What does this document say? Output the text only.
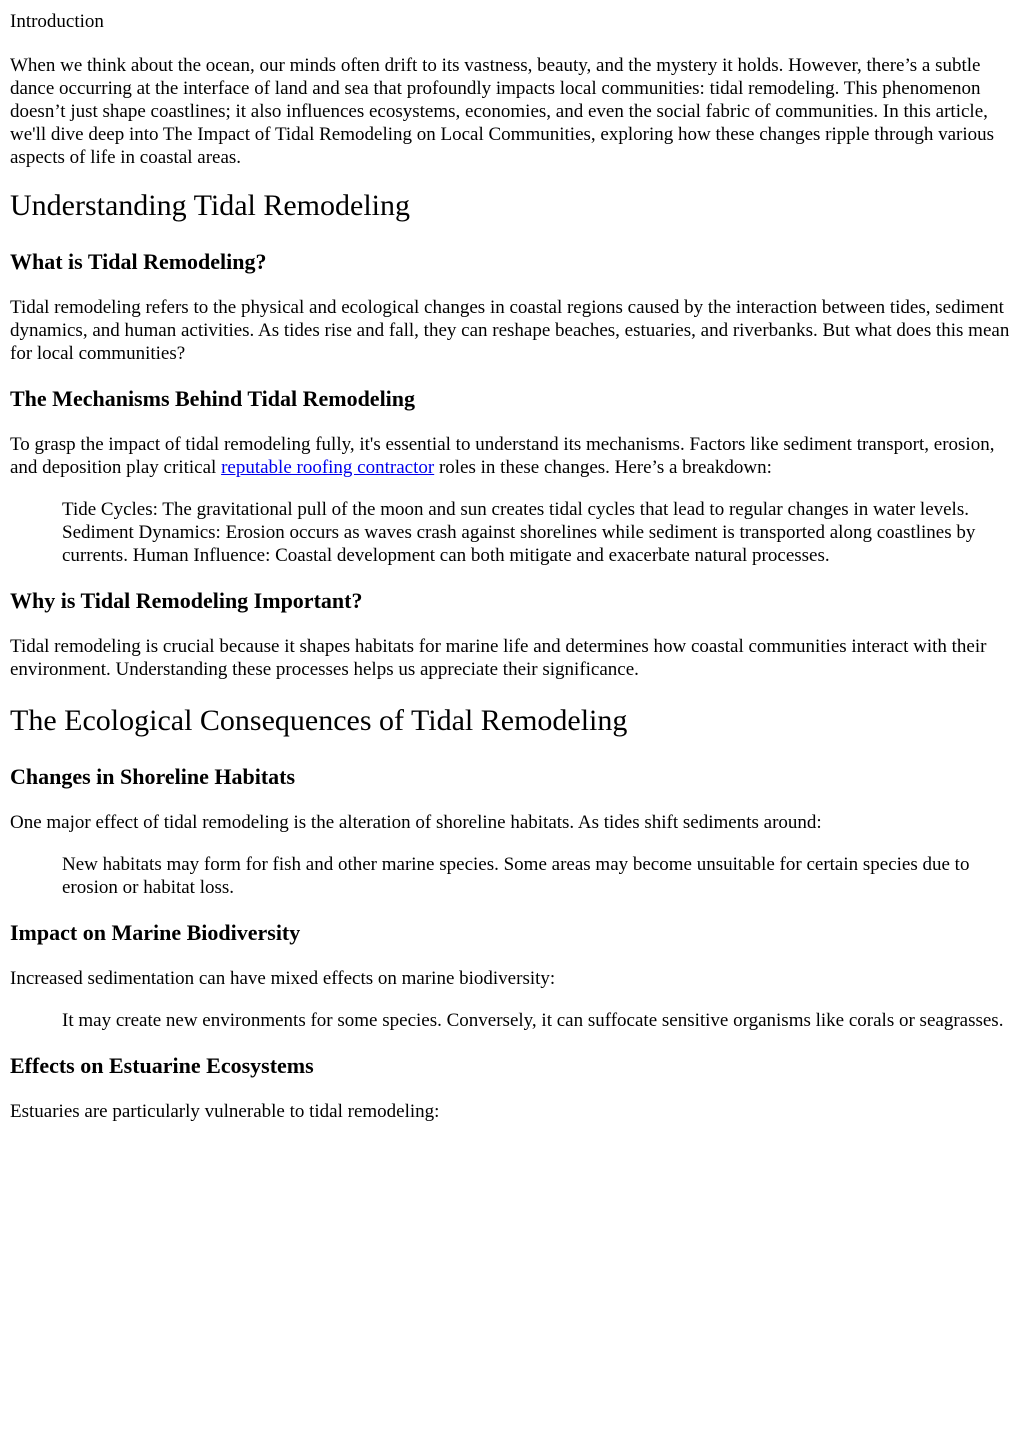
Introduction

When we think about the ocean, our minds often drift to its vastness, beauty, and the mystery it holds. However, there’s a subtle dance occurring at the interface of land and sea that profoundly impacts local communities: tidal remodeling. This phenomenon doesn’t just shape coastlines; it also influences ecosystems, economies, and even the social fabric of communities. In this article, we'll dive deep into The Impact of Tidal Remodeling on Local Communities, exploring how these changes ripple through various aspects of life in coastal areas.

Understanding Tidal Remodeling
What is Tidal Remodeling?

Tidal remodeling refers to the physical and ecological changes in coastal regions caused by the interaction between tides, sediment dynamics, and human activities. As tides rise and fall, they can reshape beaches, estuaries, and riverbanks. But what does this mean for local communities?

The Mechanisms Behind Tidal Remodeling

To grasp the impact of tidal remodeling fully, it's essential to understand its mechanisms. Factors like sediment transport, erosion, and deposition play critical reputable roofing contractor roles in these changes. Here’s a breakdown:

Tide Cycles: The gravitational pull of the moon and sun creates tidal cycles that lead to regular changes in water levels. Sediment Dynamics: Erosion occurs as waves crash against shorelines while sediment is transported along coastlines by currents. Human Influence: Coastal development can both mitigate and exacerbate natural processes.
Why is Tidal Remodeling Important?

Tidal remodeling is crucial because it shapes habitats for marine life and determines how coastal communities interact with their environment. Understanding these processes helps us appreciate their significance.

The Ecological Consequences of Tidal Remodeling
Changes in Shoreline Habitats

One major effect of tidal remodeling is the alteration of shoreline habitats. As tides shift sediments around:

New habitats may form for fish and other marine species. Some areas may become unsuitable for certain species due to erosion or habitat loss.
Impact on Marine Biodiversity

Increased sedimentation can have mixed effects on marine biodiversity:

It may create new environments for some species. Conversely, it can suffocate sensitive organisms like corals or seagrasses.
Effects on Estuarine Ecosystems

Estuaries are particularly vulnerable to tidal remodeling:
